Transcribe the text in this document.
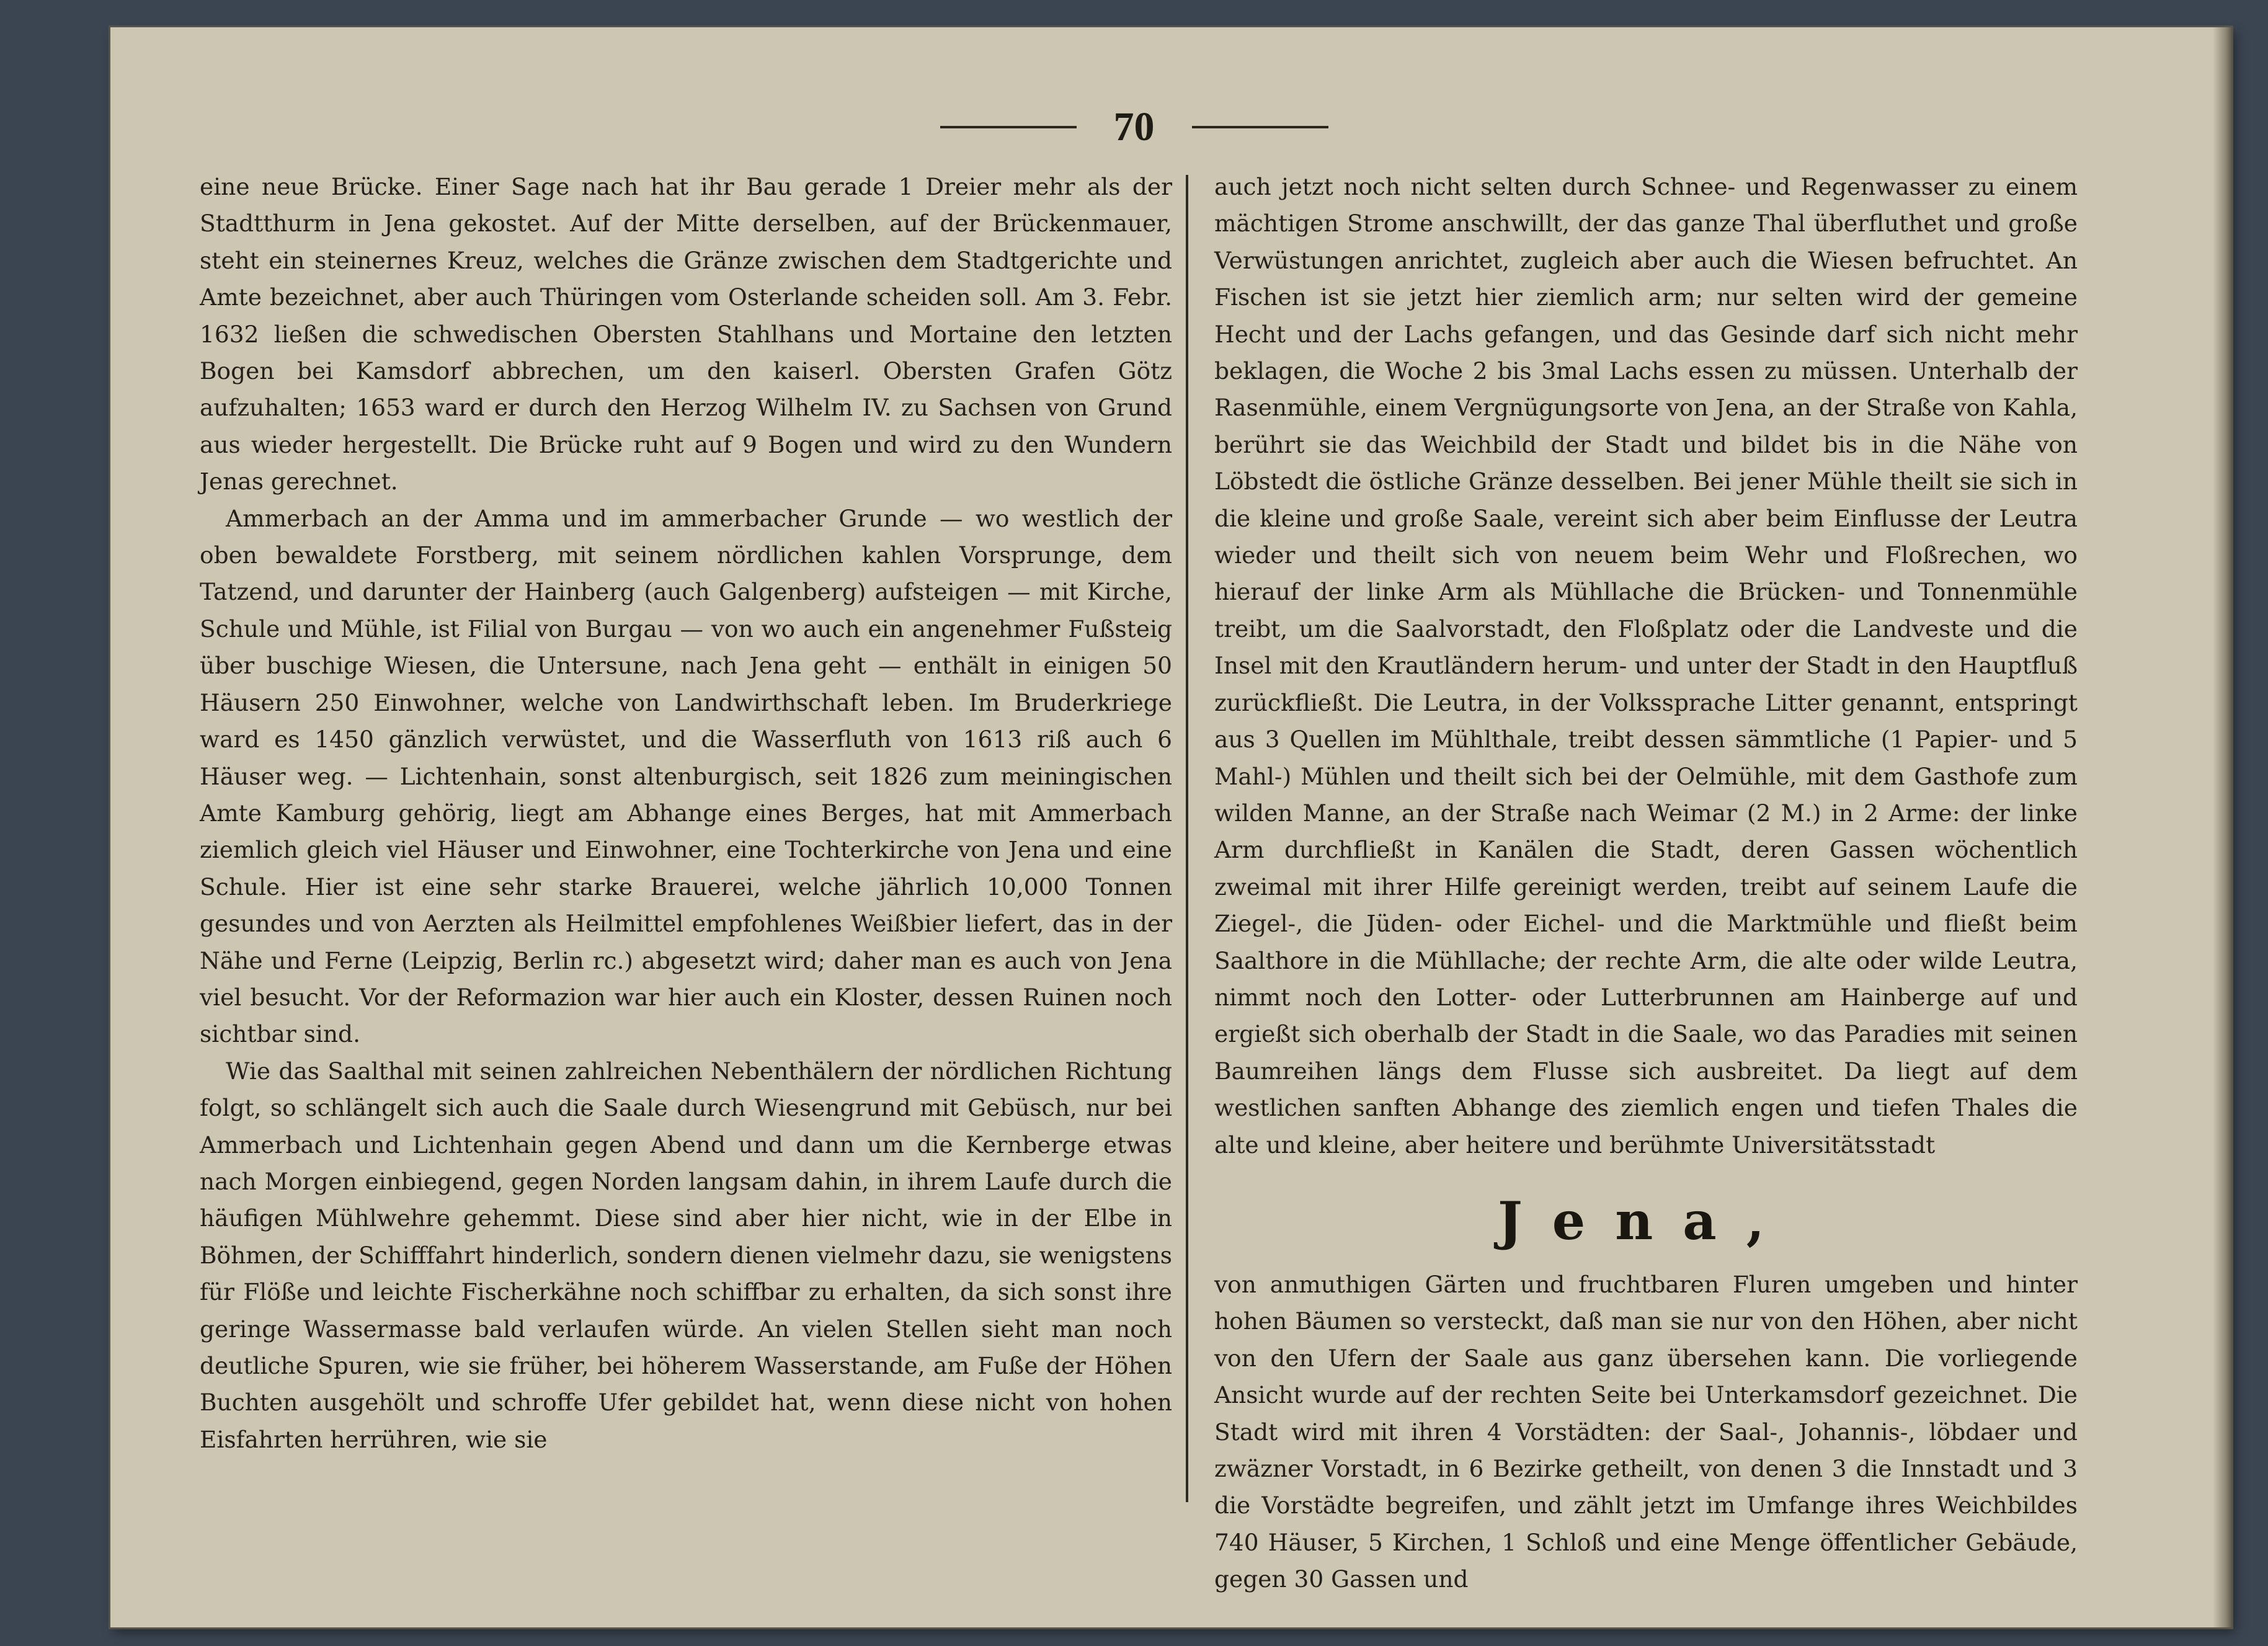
70

eine neue Brücke. Einer Sage nach hat ihr Bau gerade 1 Dreier mehr als der Stadtthurm in Jena gekostet. Auf der Mitte derselben, auf der Brückenmauer, steht ein steinernes Kreuz, welches die Gränze zwischen dem Stadtgerichte und Amte bezeichnet, aber auch Thüringen vom Osterlande scheiden soll. Am 3. Febr. 1632 ließen die schwedischen Obersten Stahlhans und Mortaine den letzten Bogen bei Kamsdorf abbrechen, um den kaiserl. Obersten Grafen Götz aufzuhalten; 1653 ward er durch den Herzog Wilhelm IV. zu Sachsen von Grund aus wieder hergestellt. Die Brücke ruht auf 9 Bogen und wird zu den Wundern Jenas gerechnet.

Ammerbach an der Amma und im ammerbacher Grunde — wo westlich der oben bewaldete Forstberg, mit seinem nördlichen kahlen Vorsprunge, dem Tatzend, und darunter der Hainberg (auch Galgenberg) aufsteigen — mit Kirche, Schule und Mühle, ist Filial von Burgau — von wo auch ein angenehmer Fußsteig über buschige Wiesen, die Untersune, nach Jena geht — enthält in einigen 50 Häusern 250 Einwohner, welche von Landwirthschaft leben. Im Bruderkriege ward es 1450 gänzlich verwüstet, und die Wasserfluth von 1613 riß auch 6 Häuser weg. — Lichtenhain, sonst altenburgisch, seit 1826 zum meiningischen Amte Kamburg gehörig, liegt am Abhange eines Berges, hat mit Ammerbach ziemlich gleich viel Häuser und Einwohner, eine Tochterkirche von Jena und eine Schule. Hier ist eine sehr starke Brauerei, welche jährlich 10,000 Tonnen gesundes und von Aerzten als Heilmittel empfohlenes Weißbier liefert, das in der Nähe und Ferne (Leipzig, Berlin rc.) abgesetzt wird; daher man es auch von Jena viel besucht. Vor der Reformazion war hier auch ein Kloster, dessen Ruinen noch sichtbar sind.

Wie das Saalthal mit seinen zahlreichen Nebenthälern der nördlichen Richtung folgt, so schlängelt sich auch die Saale durch Wiesengrund mit Gebüsch, nur bei Ammerbach und Lichtenhain gegen Abend und dann um die Kernberge etwas nach Morgen einbiegend, gegen Norden langsam dahin, in ihrem Laufe durch die häufigen Mühlwehre gehemmt. Diese sind aber hier nicht, wie in der Elbe in Böhmen, der Schifffahrt hinderlich, sondern dienen vielmehr dazu, sie wenigstens für Flöße und leichte Fischerkähne noch schiffbar zu erhalten, da sich sonst ihre geringe Wassermasse bald verlaufen würde. An vielen Stellen sieht man noch deutliche Spuren, wie sie früher, bei höherem Wasserstande, am Fuße der Höhen Buchten ausgehölt und schroffe Ufer gebildet hat, wenn diese nicht von hohen Eisfahrten herrühren, wie sie

auch jetzt noch nicht selten durch Schnee- und Regenwasser zu einem mächtigen Strome anschwillt, der das ganze Thal überfluthet und große Verwüstungen anrichtet, zugleich aber auch die Wiesen befruchtet. An Fischen ist sie jetzt hier ziemlich arm; nur selten wird der gemeine Hecht und der Lachs gefangen, und das Gesinde darf sich nicht mehr beklagen, die Woche 2 bis 3mal Lachs essen zu müssen. Unterhalb der Rasenmühle, einem Vergnügungsorte von Jena, an der Straße von Kahla, berührt sie das Weichbild der Stadt und bildet bis in die Nähe von Löbstedt die östliche Gränze desselben. Bei jener Mühle theilt sie sich in die kleine und große Saale, vereint sich aber beim Einflusse der Leutra wieder und theilt sich von neuem beim Wehr und Floßrechen, wo hierauf der linke Arm als Mühllache die Brücken- und Tonnenmühle treibt, um die Saalvorstadt, den Floßplatz oder die Landveste und die Insel mit den Krautländern herum- und unter der Stadt in den Hauptfluß zurückfließt. Die Leutra, in der Volkssprache Litter genannt, entspringt aus 3 Quellen im Mühlthale, treibt dessen sämmtliche (1 Papier- und 5 Mahl-) Mühlen und theilt sich bei der Oelmühle, mit dem Gasthofe zum wilden Manne, an der Straße nach Weimar (2 M.) in 2 Arme: der linke Arm durchfließt in Kanälen die Stadt, deren Gassen wöchentlich zweimal mit ihrer Hilfe gereinigt werden, treibt auf seinem Laufe die Ziegel-, die Jüden- oder Eichel- und die Marktmühle und fließt beim Saalthore in die Mühllache; der rechte Arm, die alte oder wilde Leutra, nimmt noch den Lotter- oder Lutterbrunnen am Hainberge auf und ergießt sich oberhalb der Stadt in die Saale, wo das Paradies mit seinen Baumreihen längs dem Flusse sich ausbreitet. Da liegt auf dem westlichen sanften Abhange des ziemlich engen und tiefen Thales die alte und kleine, aber heitere und berühmte Universitätsstadt

Jena,

von anmuthigen Gärten und fruchtbaren Fluren umgeben und hinter hohen Bäumen so versteckt, daß man sie nur von den Höhen, aber nicht von den Ufern der Saale aus ganz übersehen kann. Die vorliegende Ansicht wurde auf der rechten Seite bei Unterkamsdorf gezeichnet. Die Stadt wird mit ihren 4 Vorstädten: der Saal-, Johannis-, löbdaer und zwäzner Vorstadt, in 6 Bezirke getheilt, von denen 3 die Innstadt und 3 die Vorstädte begreifen, und zählt jetzt im Umfange ihres Weichbildes 740 Häuser, 5 Kirchen, 1 Schloß und eine Menge öffentlicher Gebäude, gegen 30 Gassen und
